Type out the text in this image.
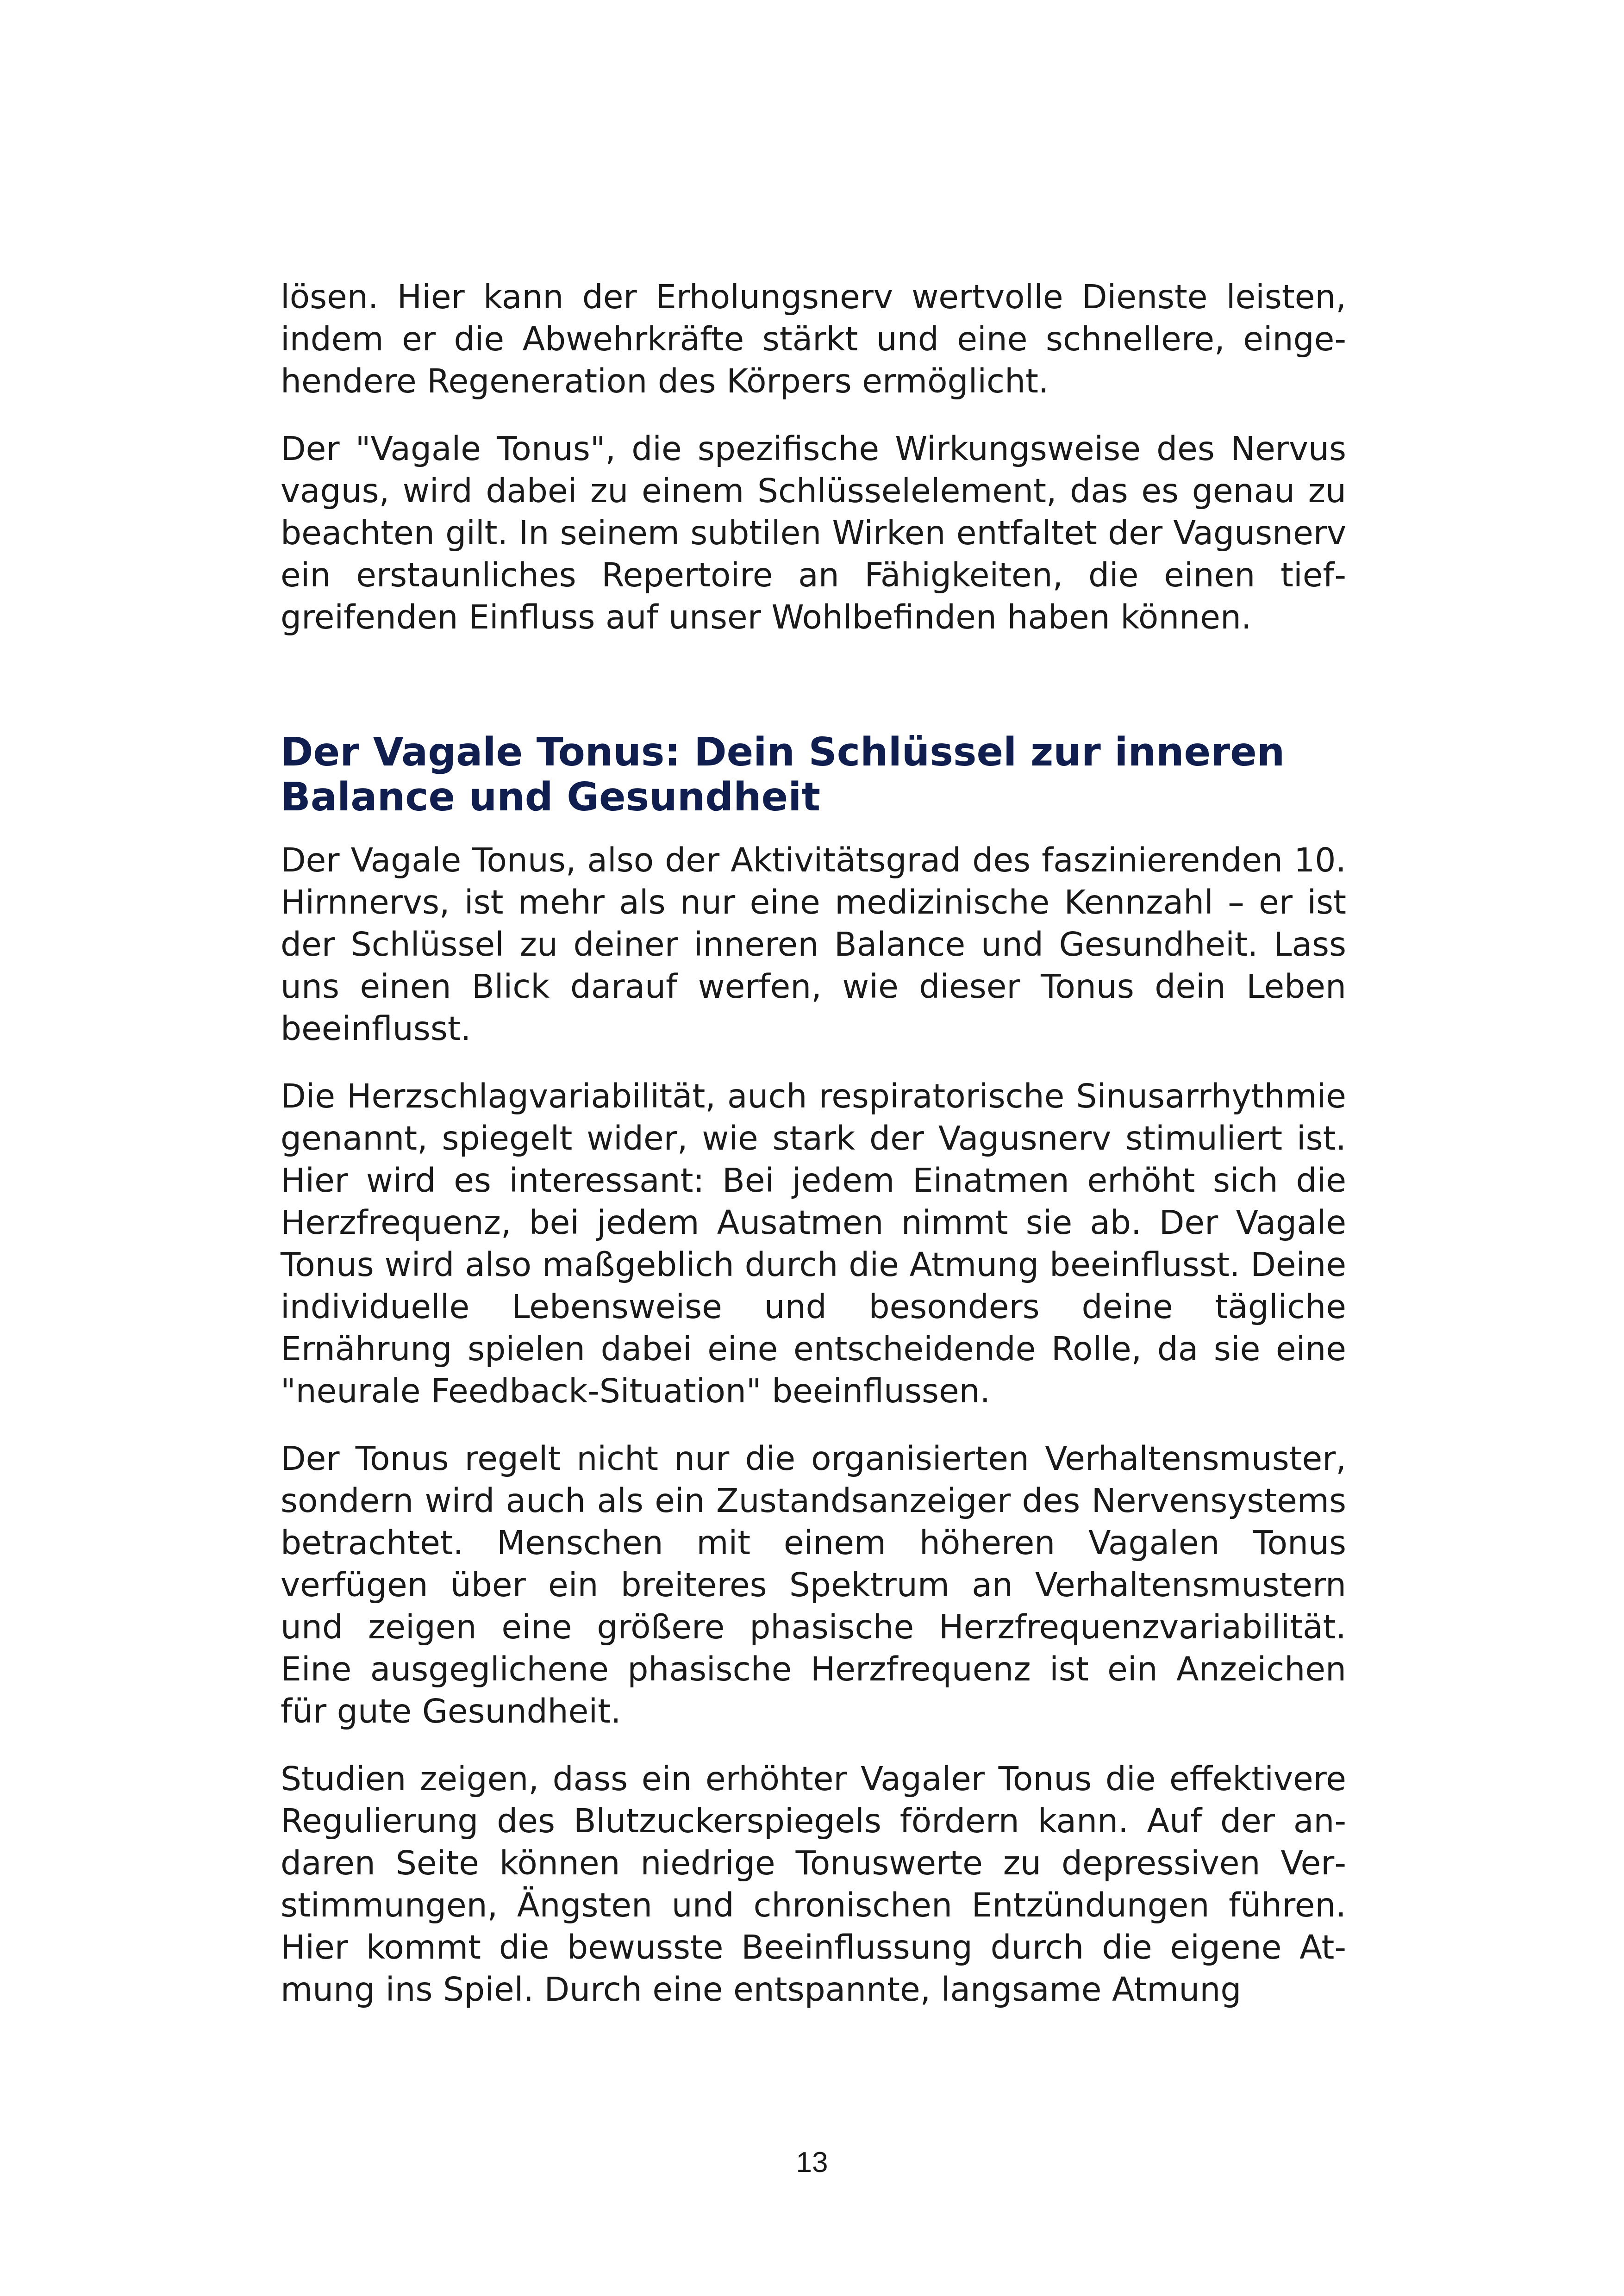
lösen. Hier kann der Erholungsnerv wertvolle Dienste leisten, indem er die Abwehrkräfte stärkt und eine schnellere, eingehendere Regeneration des Körpers ermöglicht.

Der "Vagale Tonus", die spezifische Wirkungsweise des Nervus vagus, wird dabei zu einem Schlüsselelement, das es genau zu beachten gilt. In seinem subtilen Wirken entfaltet der Vagusnerv ein erstaunliches Repertoire an Fähigkeiten, die einen tiefgreifenden Einfluss auf unser Wohlbefinden haben können.

Der Vagale Tonus: Dein Schlüssel zur inneren Balance und Gesundheit

Der Vagale Tonus, also der Aktivitätsgrad des faszinierenden 10. Hirnnervs, ist mehr als nur eine medizinische Kennzahl – er ist der Schlüssel zu deiner inneren Balance und Gesundheit. Lass uns einen Blick darauf werfen, wie dieser Tonus dein Leben beeinflusst.

Die Herzschlagvariabilität, auch respiratorische Sinusarrhythmie genannt, spiegelt wider, wie stark der Vagusnerv stimuliert ist. Hier wird es interessant: Bei jedem Einatmen erhöht sich die Herzfrequenz, bei jedem Ausatmen nimmt sie ab. Der Vagale Tonus wird also maßgeblich durch die Atmung beeinflusst. Deine individuelle Lebensweise und besonders deine tägliche Ernährung spielen dabei eine entscheidende Rolle, da sie eine "neurale Feedback-Situation" beeinflussen.

Der Tonus regelt nicht nur die organisierten Verhaltensmuster, sondern wird auch als ein Zustandsanzeiger des Nervensystems betrachtet. Menschen mit einem höheren Vagalen Tonus verfügen über ein breiteres Spektrum an Verhaltensmustern und zeigen eine größere phasische Herzfrequenzvariabilität. Eine ausgeglichene phasische Herzfrequenz ist ein Anzeichen für gute Gesundheit.

Studien zeigen, dass ein erhöhter Vagaler Tonus die effektivere Regulierung des Blutzuckerspiegels fördern kann. Auf der andaren Seite können niedrige Tonuswerte zu depressiven Verstimmungen, Ängsten und chronischen Entzündungen führen. Hier kommt die bewusste Beeinflussung durch die eigene Atmung ins Spiel. Durch eine entspannte, langsame Atmung

13
